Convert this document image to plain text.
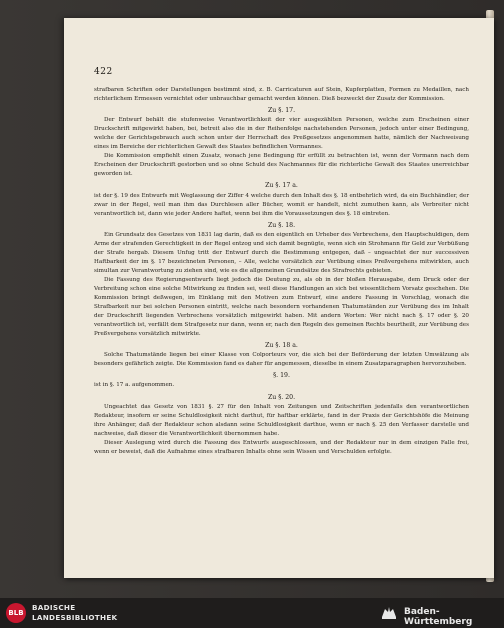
422

strafbaren Schriften oder Darstellungen bestimmt sind, z. B. Carricaturen auf Stein, Kupferplatten, Formen zu Medaillen, nach richterlichem Ermessen vernichtet oder unbrauchbar gemacht werden können. Dieß bezweckt der Zusatz der Kommission.

Zu §. 17.

Der Entwurf behält die stufenweise Verantwortlichkeit der vier ausgezählten Personen, welche zum Erscheinen einer Druckschrift mitgewirkt haben, bei, betreit also die in der Reihenfolge nachstehenden Personen, jedoch unter einer Bedingung, welche der Gerichtsgebrauch auch schon unter der Herrschaft des Preßgesetzes angenommen hatte, nämlich der Nachweisung eines im Bereiche der richterlichen Gewalt des Staates befindlichen Vormannes.

Die Kommission empfiehlt einen Zusatz, wonach jene Bedingung für erfüllt zu betrachten ist, wenn der Vormann nach dem Erscheinen der Druckschrift gestorben und so ohne Schuld des Nachmannes für die richterliche Gewalt des Staates unerreichbar geworden ist.

Zu §. 17 a.

ist der §. 19 des Entwurfs mit Weglassung der Ziffer 4 welche durch den Inhalt des §. 18 entbehrlich wird, da ein Buchhändler, der zwar in der Regel, weil man ihm das Durchlesen aller Bücher, womit er handelt, nicht zumuthen kann, als Verbreiter nicht verantwortlich ist, dann wie jeder Andere haftet, wenn bei ihm die Voraussetzungen des §. 18 eintreten.

Zu §. 18.

Ein Grundsatz des Gesetzes von 1831 lag darin, daß es den eigentlich en Urheber des Verbrechens, den Hauptschuldigen, dem Arme der strafenden Gerechtigkeit in der Regel entzog und sich damit begnügte, wenn sich ein Strohmann für Geld zur Verbüßung der Strafe hergab. Diesem Unfug tritt der Entwurf durch die Bestimmung entgegen, daß – ungeachtet der nur successiven Haftbarkeit der im §. 17 bezeichneten Personen, – Alle, welche vorsätzlich zur Verübung eines Preßvergehens mitwirkten, auch simultan zur Verantwortung zu ziehen sind, wie es die allgemeinen Grundsätze des Strafrechts gebieten.

Die Fassung des Regierungsentwurfs liegt jedoch die Deutung zu, als ob in der bloßen Herausgabe, dem Druck oder der Verbreitung schon eine solche Mitwirkung zu finden sei, weil diese Handlungen an sich bei wissentlichem Vorsatz geschehen. Die Kommission bringt deßwegen, im Einklang mit den Motiven zum Entwurf, eine andere Fassung in Vorschlag, wonach die Strafbarkeit nur bei solchen Personen eintritt, welche nach besondern vorhandenen Thatumständen zur Verübung des im Inhalt der Druckschrift liegenden Verbrechens vorsätzlich mitgewirkt haben. Mit andern Worten: Wer nicht nach §. 17 oder §. 20 verantwortlich ist, verfällt dem Strafgesetz nur dann, wenn er, nach den Regeln des gemeinen Rechts beurtheilt, zur Verübung des Preßvergehens vorsätzlich mitwirkte.

Zu §. 18 a.

Solche Thatumstände liegen bei einer Klasse von Colporteurs vor, die sich bei der Beförderung der letzten Umwälzung als besonders gefährlich zeigte. Die Kommission fand es daher für angemessen, dieselbe in einem Zusatzparagraphen hervorzuheben.

§. 19.

ist in §. 17 a. aufgenommen.

Zu §. 20.

Ungeachtet das Gesetz von 1831 §. 27 für den Inhalt von Zeitungen und Zeitschriften jedenfalls den verantwortlichen Redakteur, insofern er seine Schuldlosigkeit nicht darthut, für haftbar erklärte, fand in der Praxis der Gerichtshöfe die Meinung ihre Anhänger, daß der Redakteur schon alsdann seine Schuldlosigkeit darthue, wenn er nach §. 25 den Verfasser darstelle und nachweise, daß dieser die Verantwortlichkeit übernommen habe.

Dieser Auslegung wird durch die Fassung des Entwurfs ausgeschlossen, und der Redakteur nur in dem einzigen Falle frei, wenn er beweist, daß die Aufnahme eines strafbaren Inhalts ohne sein Wissen und Verschulden erfolgte.

BLB
BADISCHE
LANDESBIBLIOTHEK	Baden-Württemberg
